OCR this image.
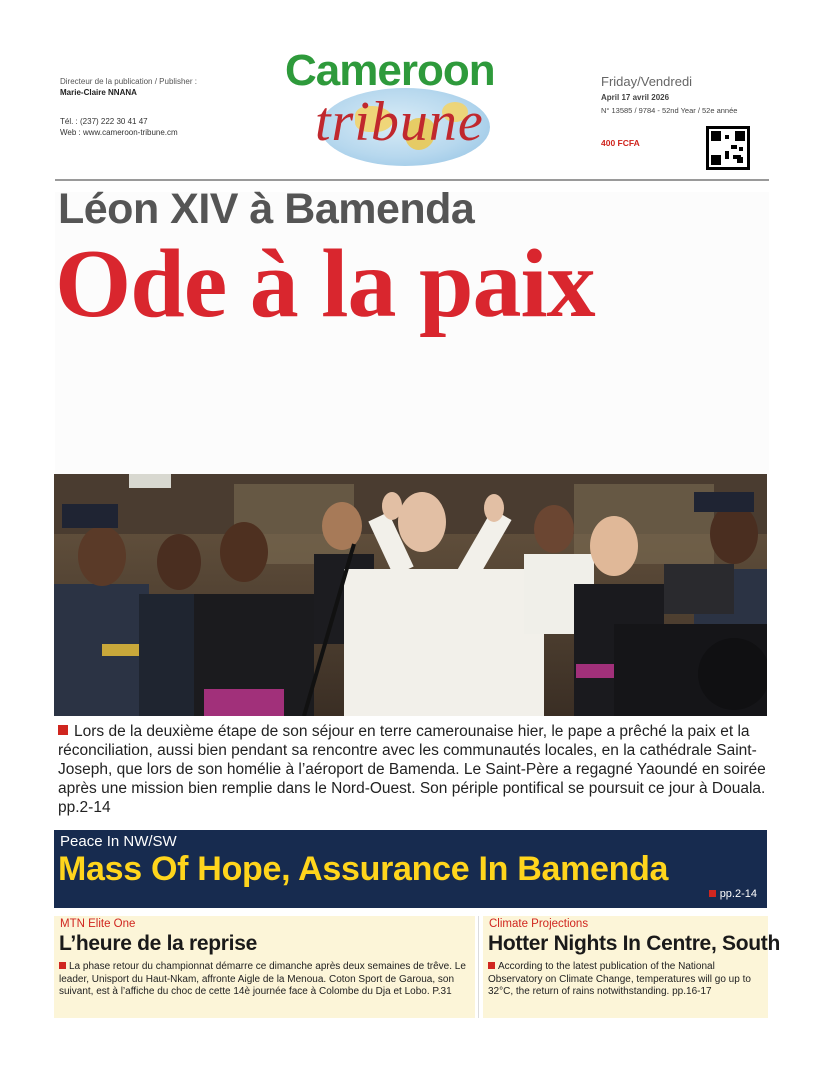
Directeur de la publication / Publisher :
Marie-Claire NNANA
Tél. : (237) 222 30 41 47
Web : www.cameroon-tribune.cm
Cameroon
tribune
Friday/Vendredi
April 17 avril 2026
N° 13585 / 9784 - 52nd Year / 52e année
400 FCFA
Léon XIV à Bamenda
Ode à la paix
Lors de la deuxième étape de son séjour en terre camerounaise hier, le pape a prêché la paix et la réconciliation, aussi bien pendant sa rencontre avec les communautés locales, en la cathédrale Saint-Joseph, que lors de son homélie à l’aéroport de Bamenda. Le Saint-Père a regagné Yaoundé en soirée après une mission bien remplie dans le Nord-Ouest. Son périple pontifical se poursuit ce jour à Douala. pp.2-14
Peace In NW/SW
Mass Of Hope, Assurance In Bamenda
pp.2-14
MTN Elite One
L’heure de la reprise
La phase retour du championnat démarre ce dimanche après deux semaines de trêve. Le leader, Unisport du Haut-Nkam, affronte Aigle de la Menoua. Coton Sport de Garoua, son suivant, est à l’affiche du choc de cette 14è journée face à Colombe du Dja et Lobo. P.31
Climate Projections
Hotter Nights In Centre, South
According to the latest publication of the National Observatory on Climate Change, temperatures will go up to 32°C, the return of rains notwithstanding. pp.16-17
